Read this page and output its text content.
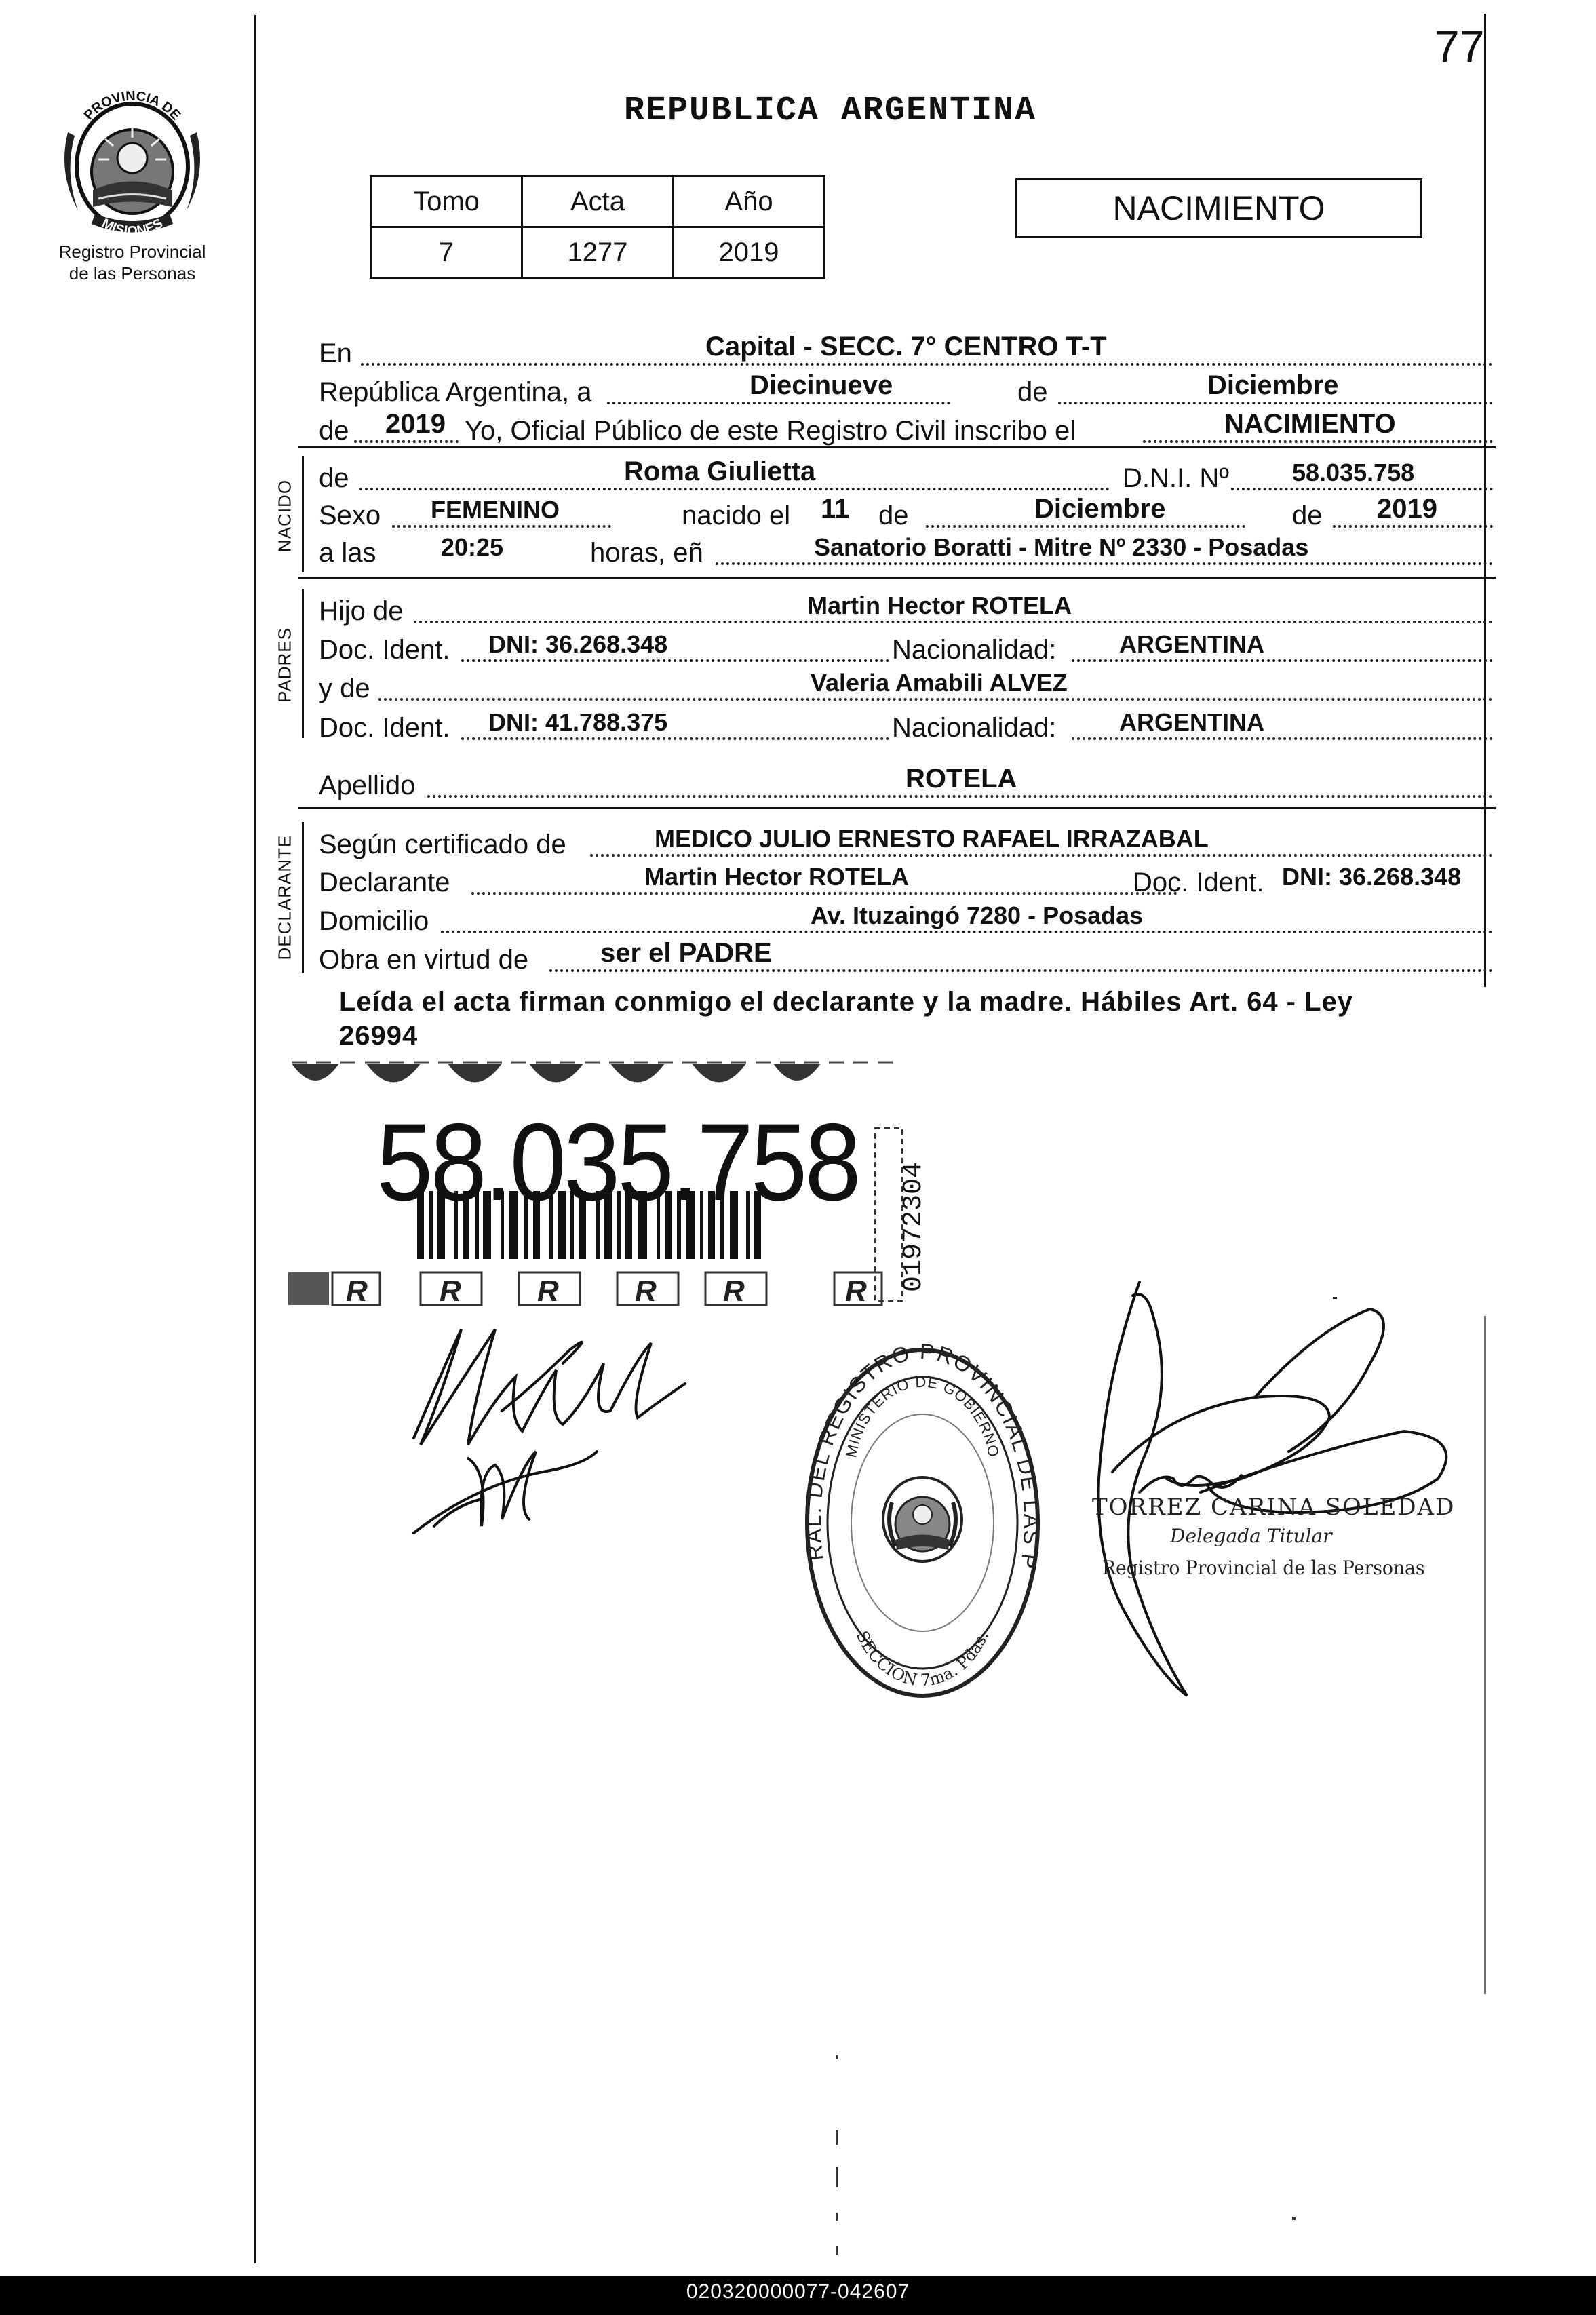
77
REPUBLICA ARGENTINA
PROVINCIA DE
MISIONES
Registro Provincial
de las Personas
Tomo	Acta	Año
7	1277	2019
NACIMIENTO
En	Capital - SECC. 7° CENTRO T-T
República Argentina, a	Diecinueve	de	Diciembre
de 2019 Yo, Oficial Público de este Registro Civil inscribo el	NACIMIENTO
NACIDO
de	Roma Giulietta	D.N.I. Nº	58.035.758
Sexo FEMENINO	nacido el 11 de	Diciembre	de 2019
a las	20:25	horas, eñ	Sanatorio Boratti - Mitre Nº 2330 - Posadas
PADRES
Hijo de	Martin Hector ROTELA
Doc. Ident. DNI: 36.268.348	Nacionalidad:	ARGENTINA
y de	Valeria Amabili ALVEZ
Doc. Ident. DNI: 41.788.375	Nacionalidad:	ARGENTINA
Apellido	ROTELA
DECLARANTE Según certificado de	MEDICO JULIO ERNESTO RAFAEL IRRAZABAL
Declarante	Martin Hector ROTELA	Doc. Ident. DNI: 36.268.348
Domicilio	Av. Ituzaingó 7280 - Posadas
Obra en virtud de	ser el PADRE
Leída el acta firman conmigo el declarante y la madre. Hábiles Art. 64 - Ley
26994
R R	R	R R	R
58.035.758
01972304
RAL. DEL REGISTRO PROVINCIAL DE LAS P
MINISTERIO DE GOBIERNO
SECCION 7ma. Pdas.
TORREZ CARINA SOLEDAD
Delegada Titular
Registro Provincial de las Personas
020320000077-042607
